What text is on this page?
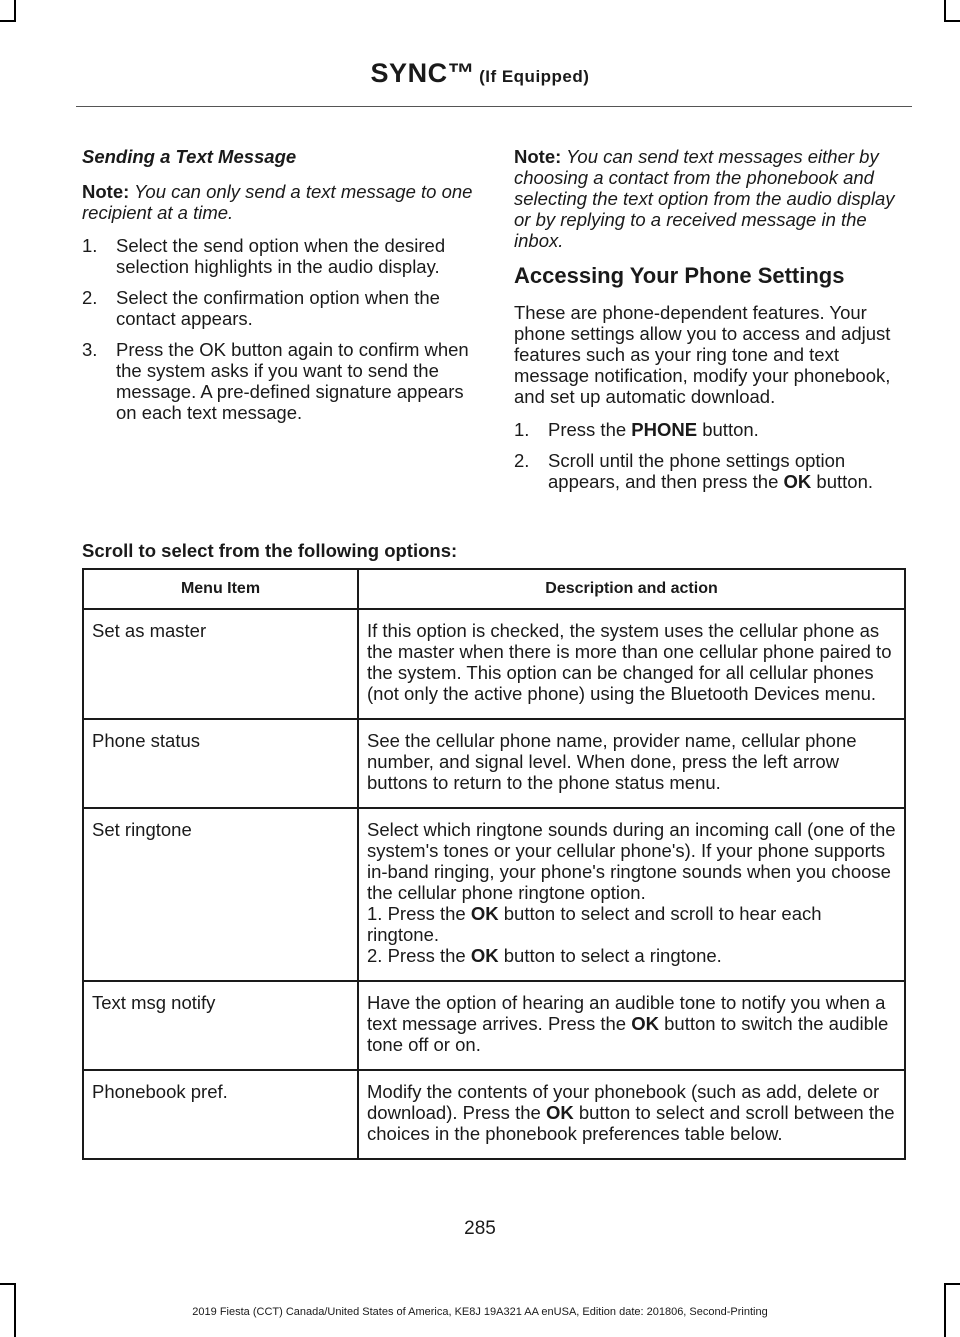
SYNC™ (If Equipped)

Sending a Text Message

Note: You can only send a text message to one recipient at a time.

1.	Select the send option when the desired selection highlights in the audio display.
2.	Select the confirmation option when the contact appears.
3.	Press the OK button again to confirm when the system asks if you want to send the message. A pre-defined signature appears on each text message.

Note: You can send text messages either by choosing a contact from the phonebook and selecting the text option from the audio display or by replying to a received message in the inbox.

Accessing Your Phone Settings

These are phone-dependent features. Your phone settings allow you to access and adjust features such as your ring tone and text message notification, modify your phonebook, and set up automatic download.

1.	Press the PHONE button.
2.	Scroll until the phone settings option appears, and then press the OK button.
Scroll to select from the following options:
Menu Item	Description and action
Set as master	If this option is checked, the system uses the cellular phone as the master when there is more than one cellular phone paired to the system. This option can be changed for all cellular phones (not only the active phone) using the Bluetooth Devices menu.
Phone status	See the cellular phone name, provider name, cellular phone number, and signal level. When done, press the left arrow buttons to return to the phone status menu.
Set ringtone	Select which ringtone sounds during an incoming call (one of the system's tones or your cellular phone's). If your phone supports in-band ringing, your phone's ringtone sounds when you choose the cellular phone ringtone option.
1. Press the OK button to select and scroll to hear each ringtone.
2. Press the OK button to select a ringtone.

Text msg notify	Have the option of hearing an audible tone to notify you when a text message arrives. Press the OK button to switch the audible tone off or on.
Phonebook pref.	Modify the contents of your phonebook (such as add, delete or download). Press the OK button to select and scroll between the choices in the phonebook preferences table below.
285
2019 Fiesta (CCT) Canada/United States of America, KE8J 19A321 AA enUSA, Edition date: 201806, Second-Printing
